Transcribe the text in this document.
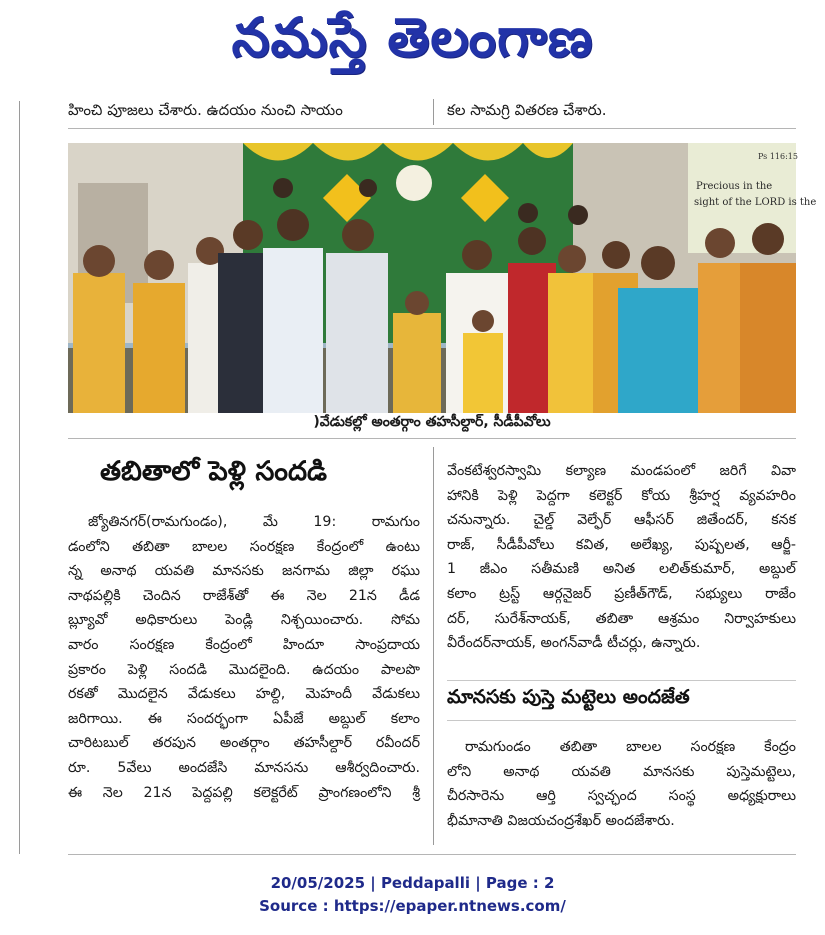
నమస్తే తెలంగాణ
హించి పూజలు చేశారు. ఉదయం నుంచి సాయం	కల సామగ్రి వితరణ చేశారు.
Ps 116:15
Precious in the
sight of the LORD is the
)వేడుకల్లో అంతర్గాం తహసీల్దార్, సీడీపీవోలు
తబితాలో పెళ్లి సందడి
జ్యోతినగర్(రామగుండం), మే 19: రామగుం
డంలోని తబితా బాలల సంరక్షణ కేంద్రంలో ఉంటు
న్న అనాథ యవతి మానసకు జనగామ జిల్లా రఘు
నాథపల్లికి చెందిన రాజేశ్‌తో ఈ నెల 21న డీడ
బ్ల్యూవో అధికారులు పెండ్లి నిశ్చయించారు. సోమ
వారం సంరక్షణ కేంద్రంలో హిందూ సాంప్రదాయ
ప్రకారం పెళ్లి సందడి మొదలైంది. ఉదయం పాలపొ
రకతో మొదలైన వేడుకలు హల్ది, మెహందీ వేడుకలు
జరిగాయి. ఈ సందర్భంగా ఏపీజే అబ్దుల్ కలాం
చారిటబుల్ తరపున అంతర్గాం తహసీల్దార్ రవీందర్
రూ. 5వేలు అందజేసి మానసను ఆశీర్వదించారు.
ఈ నెల 21న పెద్దపల్లి కలెక్టరేట్ ప్రాంగణంలోని శ్రీ
వేంకటేశ్వరస్వామి కల్యాణ మండపంలో జరిగే వివా
హానికి పెళ్లి పెద్దగా కలెక్టర్ కోయ శ్రీహర్ష వ్యవహరిం
చనున్నారు. చైల్డ్ వెల్ఫేర్ ఆఫీసర్ జితేందర్, కనక
రాజ్, సీడీపీవోలు కవిత, అలేఖ్య, పుష్పలత, ఆర్జీ-
1 జీఎం సతీమణి అనిత లలిత్‌కుమార్, అబ్దుల్
కలాం ట్రస్ట్ ఆర్గనైజర్ ప్రణీత్‌గౌడ్, సభ్యులు రాజేం
దర్, సురేశ్‌నాయక్, తబితా ఆశ్రమం నిర్వాహకులు
వీరేందర్‌నాయక్, అంగన్‌వాడీ టీచర్లు, ఉన్నారు.
మానసకు పుస్తె మట్టెలు అందజేత
రామగుండం తబితా బాలల సంరక్షణ కేంద్రం
లోని అనాథ యవతి మానసకు పుస్తెమట్టెలు,
చీరసారెను ఆర్తి స్వచ్ఛంద సంస్థ అధ్యక్షురాలు
భీమానాతి విజయచంద్రశేఖర్ అందజేశారు.
20/05/2025 | Peddapalli | Page : 2
Source : https://epaper.ntnews.com/
